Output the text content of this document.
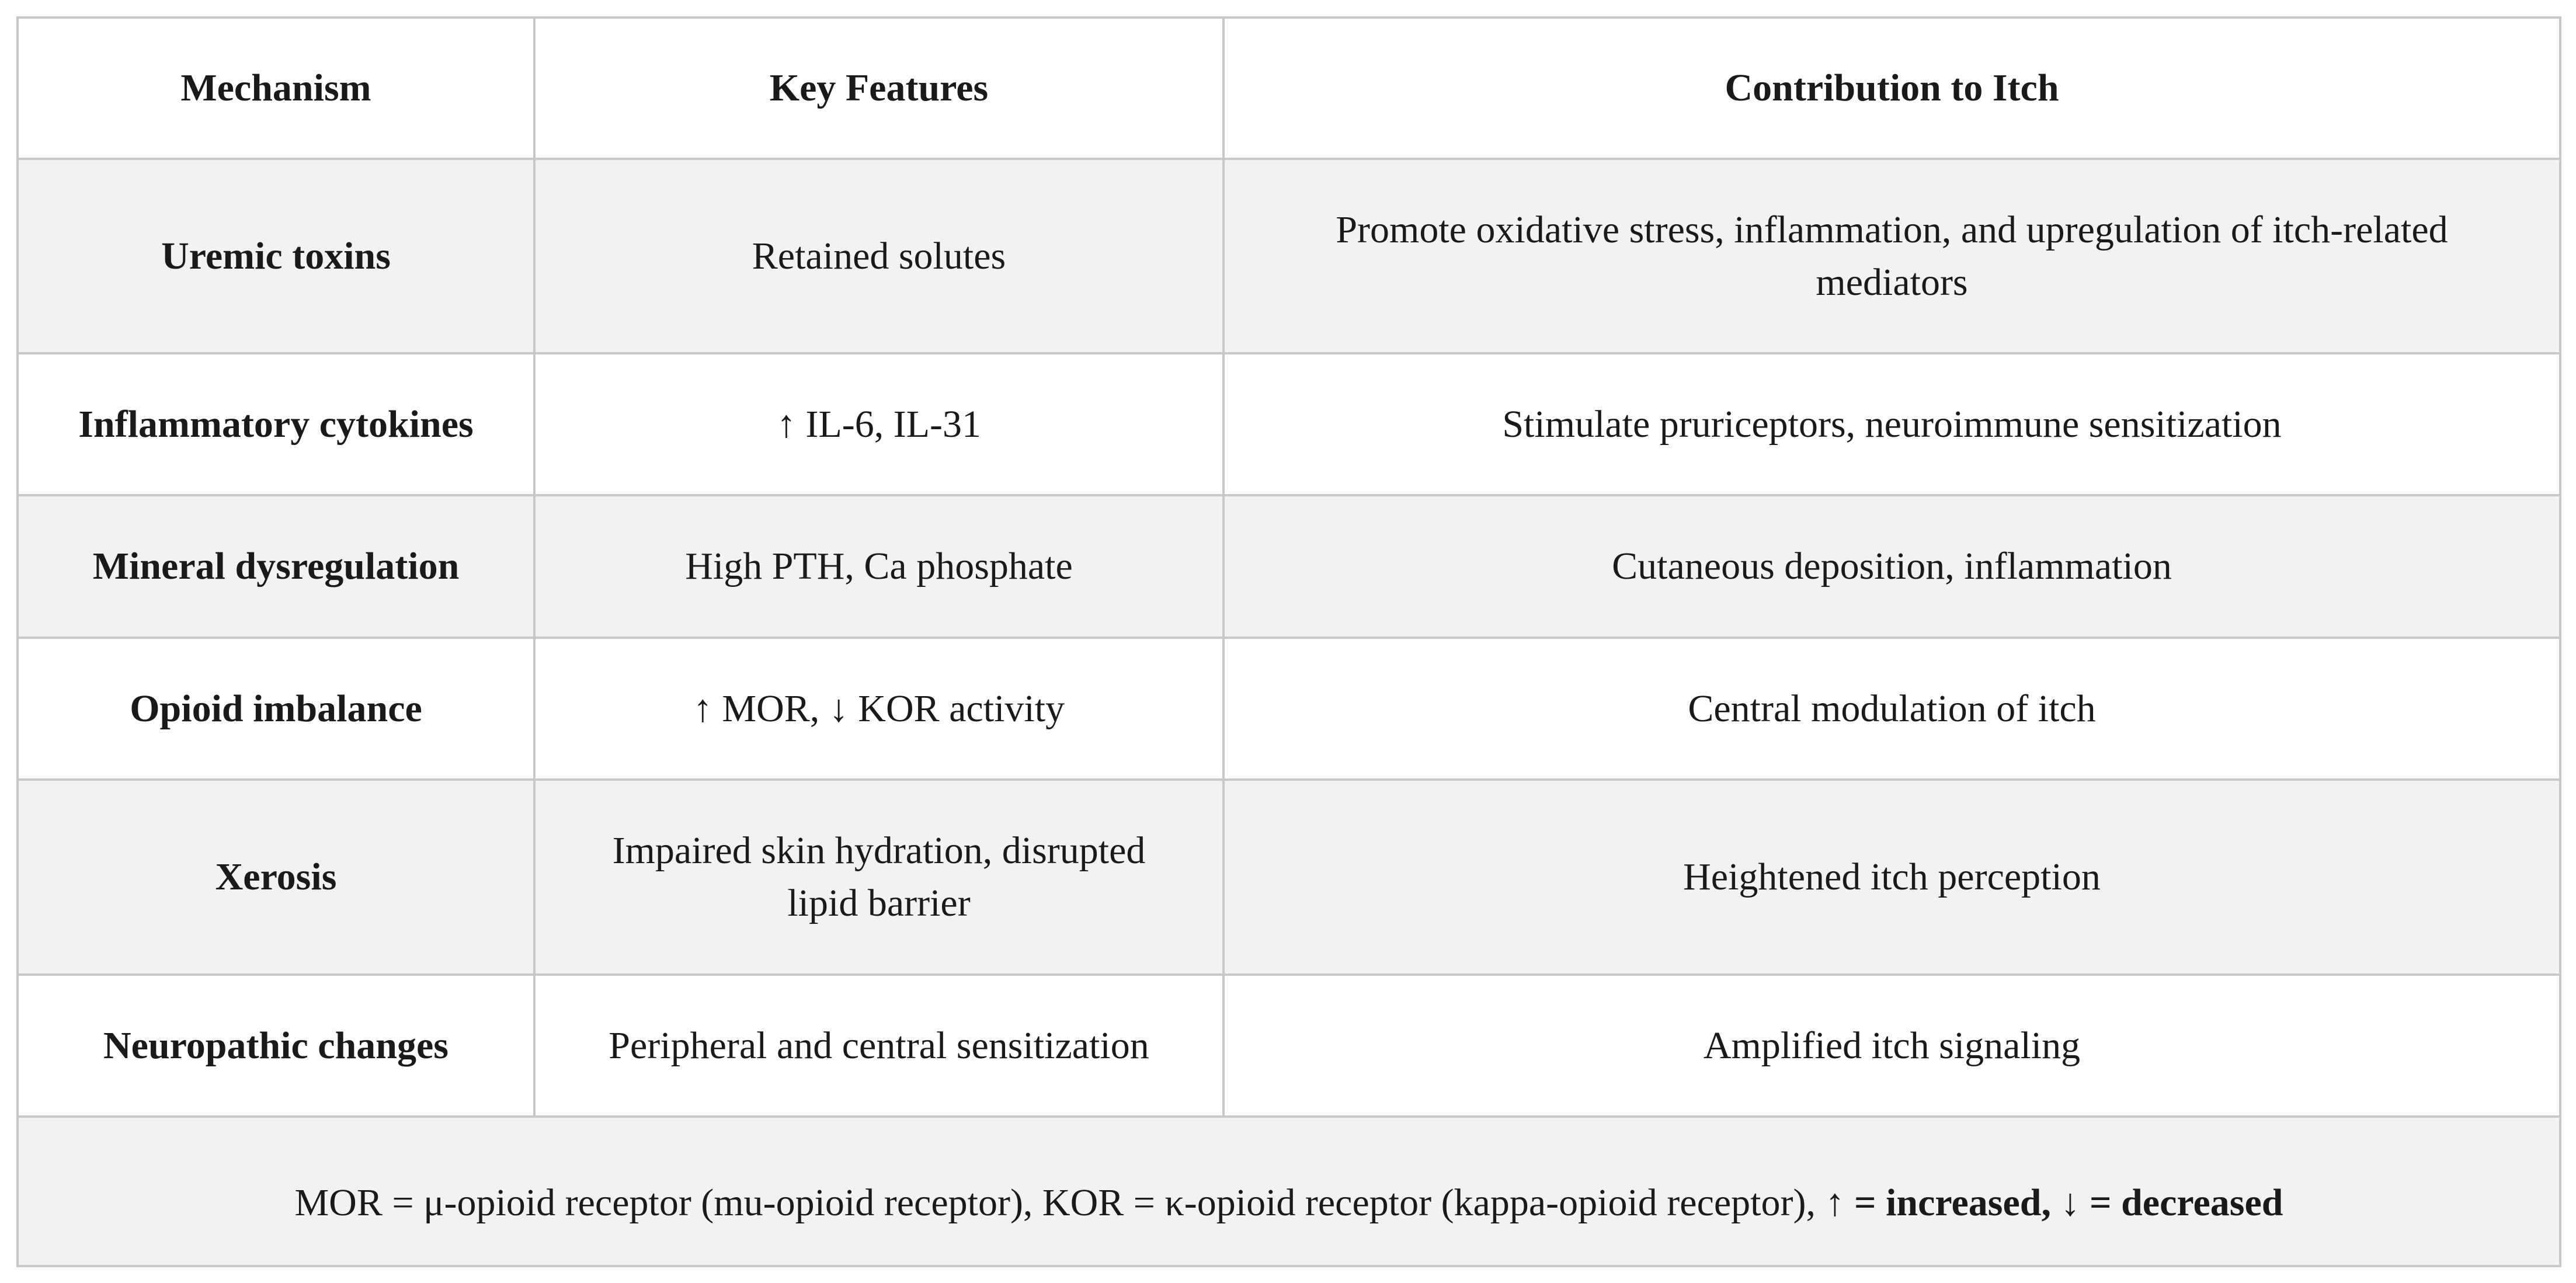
Mechanism	Key Features	Contribution to Itch
Uremic toxins	Retained solutes	Promote oxidative stress, inflammation, and upregulation of itch-related mediators
Inflammatory cytokines	↑ IL-6, IL-31	Stimulate pruriceptors, neuroimmune sensitization
Mineral dysregulation	High PTH, Ca phosphate	Cutaneous deposition, inflammation
Opioid imbalance	↑ MOR, ↓ KOR activity	Central modulation of itch
Xerosis	Impaired skin hydration, disrupted lipid barrier	Heightened itch perception
Neuropathic changes	Peripheral and central sensitization	Amplified itch signaling
MOR = μ-opioid receptor (mu-opioid receptor), KOR = κ-opioid receptor (kappa-opioid receptor), ↑ = increased, ↓ = decreased		
